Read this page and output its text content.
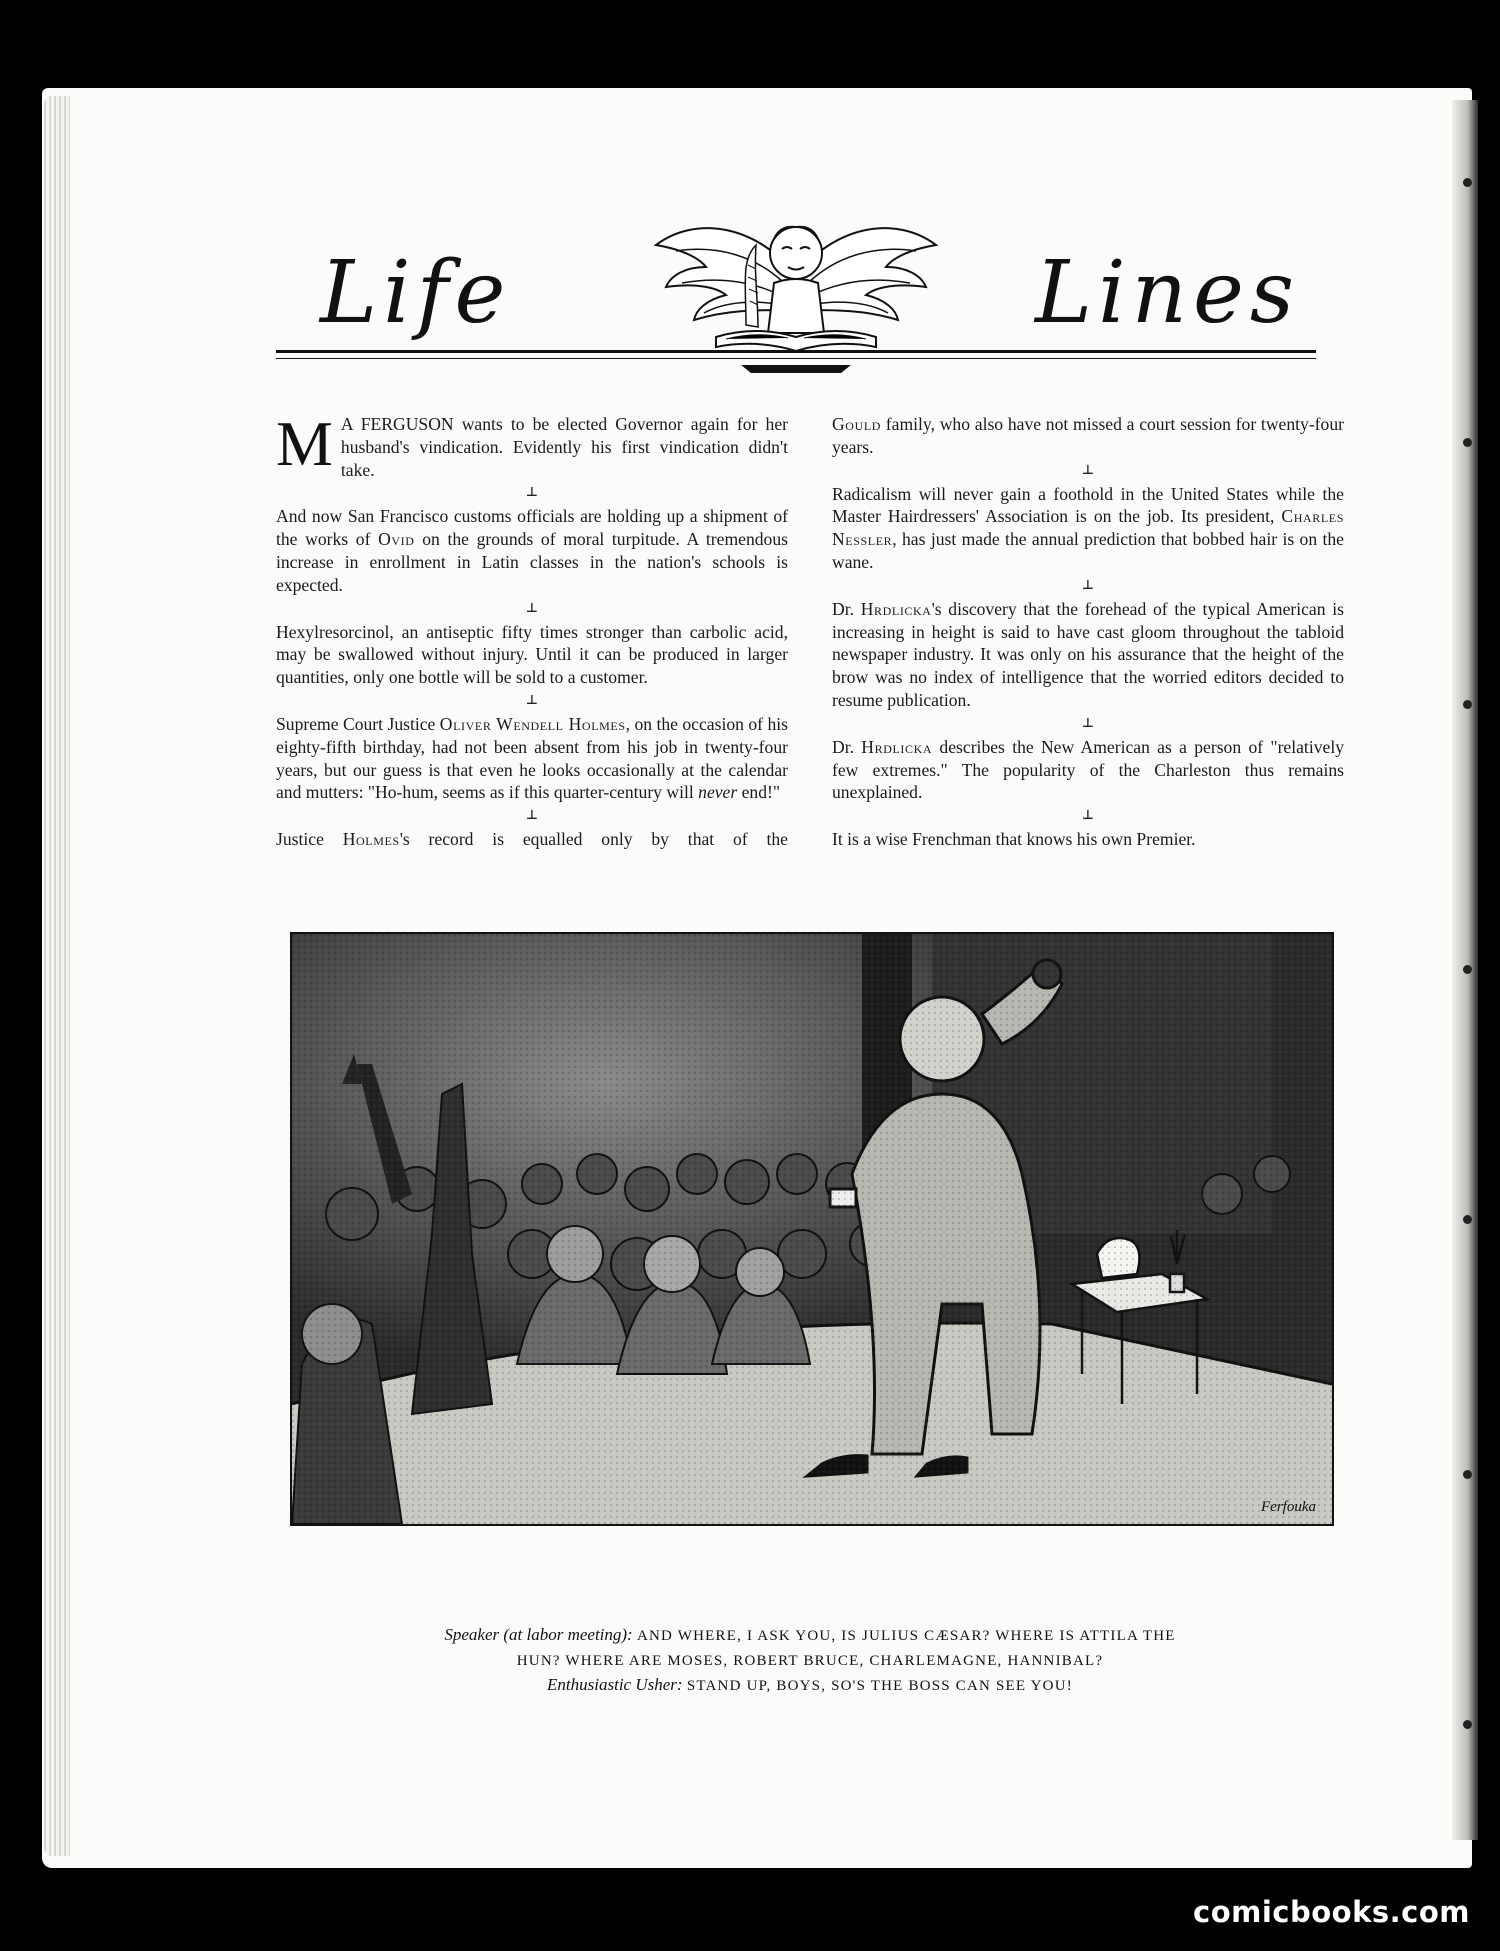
Life	Lines

M A FERGUSON wants to be elected Governor again for her husband's vindication. Evidently his first vindication didn't take.

⊥

And now San Francisco customs officials are holding up a shipment of the works of Ovid on the grounds of moral turpitude. A tremendous increase in enrollment in Latin classes in the nation's schools is expected.

⊥

Hexylresorcinol, an antiseptic fifty times stronger than carbolic acid, may be swallowed without injury. Until it can be produced in larger quantities, only one bottle will be sold to a customer.

⊥

Supreme Court Justice Oliver Wendell Holmes, on the occasion of his eighty-fifth birthday, had not been absent from his job in twenty-four years, but our guess is that even he looks occasionally at the calendar and mutters: "Ho-hum, seems as if this quarter-century will never end!"

⊥

Justice Holmes's record is equalled only by that of the

Gould family, who also have not missed a court session for twenty-four years.

⊥

Radicalism will never gain a foothold in the United States while the Master Hairdressers' Association is on the job. Its president, Charles Nessler, has just made the annual prediction that bobbed hair is on the wane.

⊥

Dr. Hrdlicka's discovery that the forehead of the typical American is increasing in height is said to have cast gloom throughout the tabloid newspaper industry. It was only on his assurance that the height of the brow was no index of intelligence that the worried editors decided to resume publication.

⊥

Dr. Hrdlicka describes the New American as a person of "relatively few extremes." The popularity of the Charleston thus remains unexplained.

⊥

It is a wise Frenchman that knows his own Premier.

Ferfouka
Speaker (at labor meeting): AND WHERE, I ASK YOU, IS JULIUS CÆSAR? WHERE IS ATTILA THE
HUN? WHERE ARE MOSES, ROBERT BRUCE, CHARLEMAGNE, HANNIBAL?
Enthusiastic Usher: STAND UP, BOYS, SO'S THE BOSS CAN SEE YOU!
comicbooks.com
